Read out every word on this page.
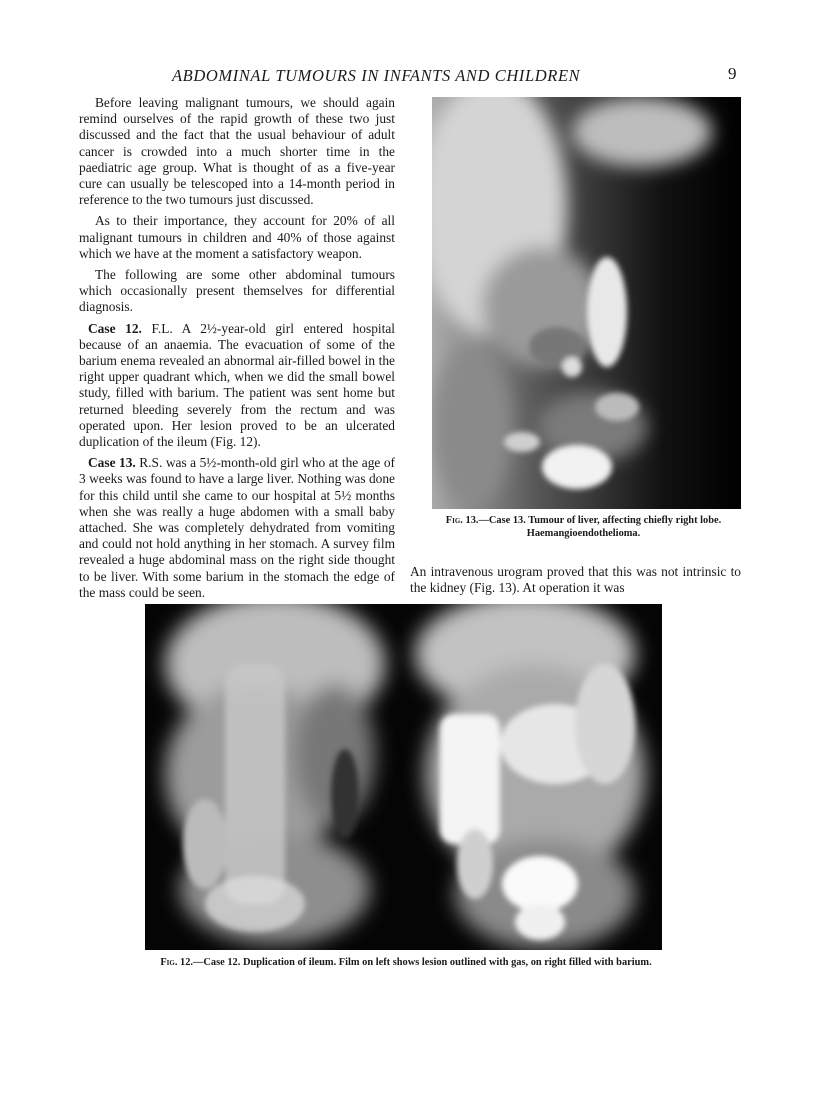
ABDOMINAL TUMOURS IN INFANTS AND CHILDREN	9

Before leaving malignant tumours, we should again remind ourselves of the rapid growth of these two just discussed and the fact that the usual behaviour of adult cancer is crowded into a much shorter time in the paediatric age group. What is thought of as a five-year cure can usually be telescoped into a 14-month period in reference to the two tumours just discussed.

As to their importance, they account for 20% of all malignant tumours in children and 40% of those against which we have at the moment a satisfactory weapon.

The following are some other abdominal tumours which occasionally present themselves for differential diagnosis.

Case 12. F.L. A 2½-year-old girl entered hospital because of an anaemia. The evacuation of some of the barium enema revealed an abnormal air-filled bowel in the right upper quadrant which, when we did the small bowel study, filled with barium. The patient was sent home but returned bleeding severely from the rectum and was operated upon. Her lesion proved to be an ulcerated duplication of the ileum (Fig. 12).

Case 13. R.S. was a 5½-month-old girl who at the age of 3 weeks was found to have a large liver. Nothing was done for this child until she came to our hospital at 5½ months when she was really a huge abdomen with a small baby attached. She was completely dehydrated from vomiting and could not hold anything in her stomach. A survey film revealed a huge abdominal mass on the right side thought to be liver. With some barium in the stomach the edge of the mass could be seen.

Fig. 13.—Case 13. Tumour of liver, affecting chiefly right lobe. Haemangioendothelioma.

An intravenous urogram proved that this was not intrinsic to the kidney (Fig. 13). At operation it was

Fig. 12.—Case 12. Duplication of ileum. Film on left shows lesion outlined with gas, on right filled with barium.
